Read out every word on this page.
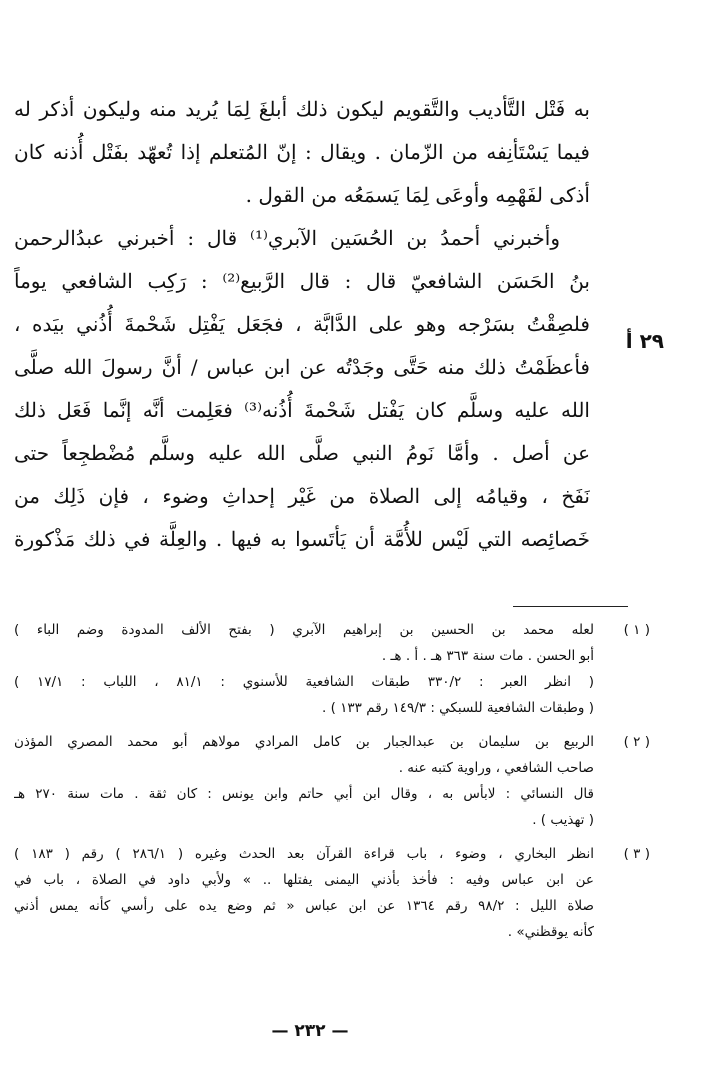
به فَتْل التَّأديب والتَّقويم ليكون ذلك أبلغَ لِمَا يُريد منه وليكون أذكر له
فيما يَسْتَأنِفه من الزّمان . ويقال : إنّ المُتعلم إذا تُعهّد بفَتْل أُذنه كان
أذكى لفَهْمِه وأوعَى لِمَا يَسمَعُه من القول .
وأخبرني أحمدُ بن الحُسَين الآبري⁽¹⁾ قال : أخبرني عبدُالرحمن
بنُ الحَسَن الشافعيّ قال : قال الرَّبيع⁽²⁾ : رَكِب الشافعي يوماً
فلصِقْتُ بسَرْجه وهو على الدَّابَّة ، فجَعَل يَفْتِل شَحْمةَ أُذُني بيَده ،
فأعظَمْتُ ذلك منه حَتَّى وجَدْتُه عن ابن عباس / أنَّ رسولَ الله صلَّى
الله عليه وسلَّم كان يَفْتل شَحْمةَ أُذُنه⁽³⁾ فعَلِمت أنَّه إنَّما فَعَل ذلك
عن أصل . وأمَّا نَومُ النبي صلَّى الله عليه وسلَّم مُضْطجِعاً حتى
نَفَخ ، وقيامُه إلى الصلاة من غَيْر إحداثِ وضوء ، فإن ذَلِك من
خَصائِصه التي لَيْس للأُمَّة أن يَأتَسوا به فيها . والعِلَّة في ذلك مَذْكورة
٢٩ أ
( ١ )
لعله محمد بن الحسين بن إبراهيم الآبري ( بفتح الألف المدودة وضم الباء )
أبو الحسن . مات سنة ٣٦٣ هـ . أ . هـ .
( انظر العبر : ٣٣٠/٢ طبقات الشافعية للأسنوي : ٨١/١ ، اللباب : ١٧/١ )
( وطبقات الشافعية للسبكي : ١٤٩/٣ رقم ١٣٣ ) .
( ٢ )
الربيع بن سليمان بن عبدالجبار بن كامل المرادي مولاهم أبو محمد المصري المؤذن
صاحب الشافعي ، وراوية كتبه عنه .
قال النسائي : لابأس به ، وقال ابن أبي حاتم وابن يونس : كان ثقة . مات سنة ٢٧٠ هـ
( تهذيب ) .
( ٣ )
انظر البخاري ، وضوء ، باب قراءة القرآن بعد الحدث وغيره ( ٢٨٦/١ ) رقم ( ١٨٣ )
عن ابن عباس وفيه : فأخذ بأذني اليمنى يفتلها .. » ولأبي داود في الصلاة ، باب في
صلاة الليل : ٩٨/٢ رقم ١٣٦٤ عن ابن عباس « ثم وضع يده على رأسي كأنه يمس أذني
كأنه يوقظني» .
— ٢٣٢ —
